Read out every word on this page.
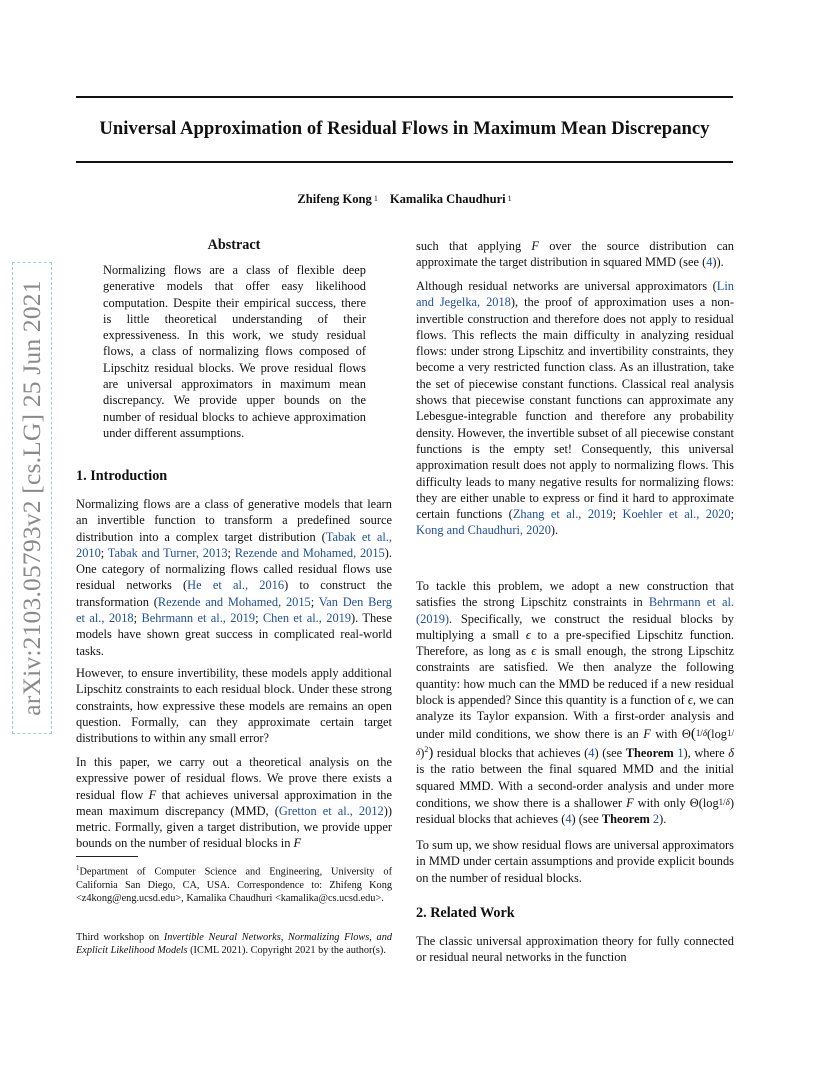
Universal Approximation of Residual Flows in Maximum Mean Discrepancy
Zhifeng Kong $^1$ Kamalika Chaudhuri $^1$
arXiv:2103.05793v2 [cs.LG] 25 Jun 2021
Abstract
Normalizing flows are a class of flexible deep generative models that offer easy likelihood computation. Despite their empirical success, there is little theoretical understanding of their expressiveness. In this work, we study residual flows, a class of normalizing flows composed of Lipschitz residual blocks. We prove residual flows are universal approximators in maximum mean discrepancy. We provide upper bounds on the number of residual blocks to achieve approximation under different assumptions.
1. Introduction

Normalizing flows are a class of generative models that learn an invertible function to transform a predefined source distribution into a complex target distribution (Tabak et al., 2010; Tabak and Turner, 2013; Rezende and Mohamed, 2015). One category of normalizing flows called residual flows use residual networks (He et al., 2016) to construct the transformation (Rezende and Mohamed, 2015; Van Den Berg et al., 2018; Behrmann et al., 2019; Chen et al., 2019). These models have shown great success in complicated real-world tasks.

However, to ensure invertibility, these models apply additional Lipschitz constraints to each residual block. Under these strong constraints, how expressive these models are remains an open question. Formally, can they approximate certain target distributions to within any small error?

In this paper, we carry out a theoretical analysis on the expressive power of residual flows. We prove there exists a residual flow F that achieves universal approximation in the mean maximum discrepancy (MMD, (Gretton et al., 2012)) metric. Formally, given a target distribution, we provide upper bounds on the number of residual blocks in F

$^1$Department of Computer Science and Engineering, University of California San Diego, CA, USA. Correspondence to: Zhifeng Kong <z4kong@eng.ucsd.edu>, Kamalika Chaudhuri <kamalika@cs.ucsd.edu>.
Third workshop on Invertible Neural Networks, Normalizing Flows, and Explicit Likelihood Models (ICML 2021). Copyright 2021 by the author(s).

such that applying F over the source distribution can approximate the target distribution in squared MMD (see (4)).

Although residual networks are universal approximators (Lin and Jegelka, 2018), the proof of approximation uses a non-invertible construction and therefore does not apply to residual flows. This reflects the main difficulty in analyzing residual flows: under strong Lipschitz and invertibility constraints, they become a very restricted function class. As an illustration, take the set of piecewise constant functions. Classical real analysis shows that piecewise constant functions can approximate any Lebesgue-integrable function and therefore any probability density. However, the invertible subset of all piecewise constant functions is the empty set! Consequently, this universal approximation result does not apply to normalizing flows. This difficulty leads to many negative results for normalizing flows: they are either unable to express or find it hard to approximate certain functions (Zhang et al., 2019; Koehler et al., 2020; Kong and Chaudhuri, 2020).

To tackle this problem, we adopt a new construction that satisfies the strong Lipschitz constraints in Behrmann et al. (2019). Specifically, we construct the residual blocks by multiplying a small ϵ to a pre-specified Lipschitz function. Therefore, as long as ϵ is small enough, the strong Lipschitz constraints are satisfied. We then analyze the following quantity: how much can the MMD be reduced if a new residual block is appended? Since this quantity is a function of ϵ, we can analyze its Taylor expansion. With a first-order analysis and under mild conditions, we show there is an F with $\Theta(1/\delta(\log 1/\delta)^2)$ residual blocks that achieves (4) (see Theorem 1), where δ is the ratio between the final squared MMD and the initial squared MMD. With a second-order analysis and under more conditions, we show there is a shallower F with only Θ(log1/δ) residual blocks that achieves (4) (see Theorem 2).

To sum up, we show residual flows are universal approximators in MMD under certain assumptions and provide explicit bounds on the number of residual blocks.

2. Related Work

The classic universal approximation theory for fully connected or residual neural networks in the function
